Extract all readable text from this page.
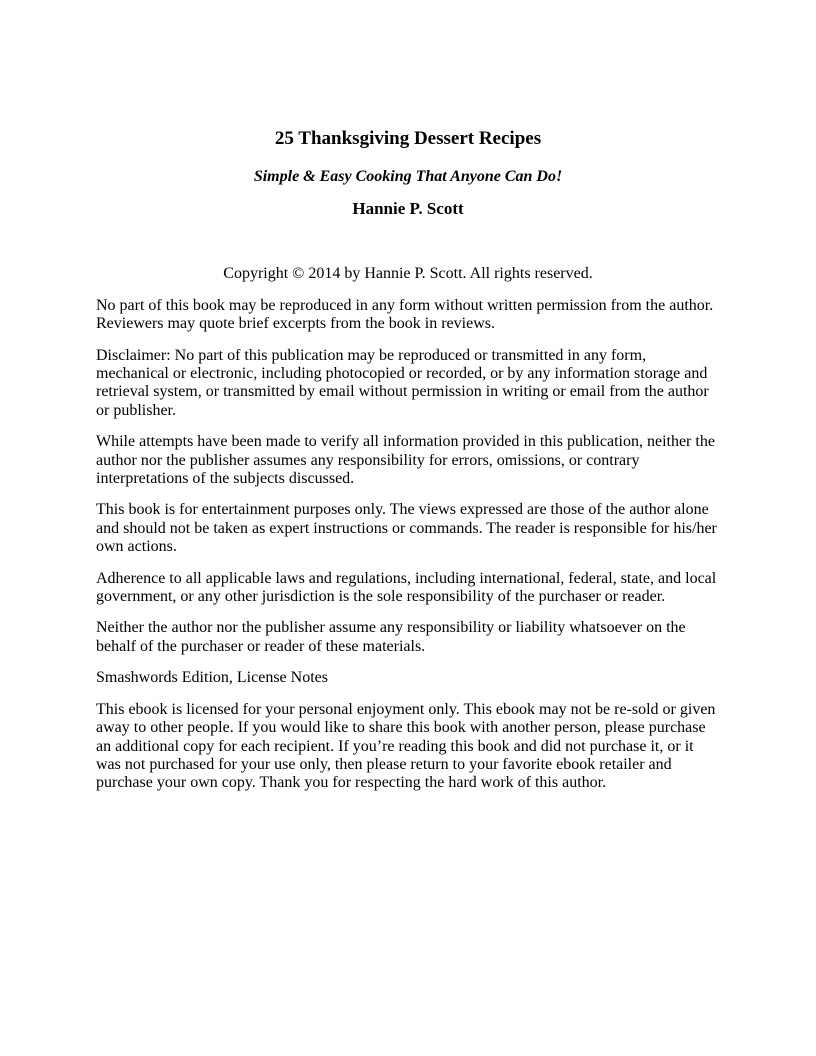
25 Thanksgiving Dessert Recipes
Simple & Easy Cooking That Anyone Can Do!
Hannie P. Scott

Copyright © 2014 by Hannie P. Scott. All rights reserved.

No part of this book may be reproduced in any form without written permission from the author. Reviewers may quote brief excerpts from the book in reviews.

Disclaimer: No part of this publication may be reproduced or transmitted in any form, mechanical or electronic, including photocopied or recorded, or by any information storage and retrieval system, or transmitted by email without permission in writing or email from the author or publisher.

While attempts have been made to verify all information provided in this publication, neither the author nor the publisher assumes any responsibility for errors, omissions, or contrary interpretations of the subjects discussed.

This book is for entertainment purposes only. The views expressed are those of the author alone and should not be taken as expert instructions or commands. The reader is responsible for his/her own actions.

Adherence to all applicable laws and regulations, including international, federal, state, and local government, or any other jurisdiction is the sole responsibility of the purchaser or reader.

Neither the author nor the publisher assume any responsibility or liability whatsoever on the behalf of the purchaser or reader of these materials.

Smashwords Edition, License Notes

This ebook is licensed for your personal enjoyment only. This ebook may not be re-sold or given away to other people. If you would like to share this book with another person, please purchase an additional copy for each recipient. If you’re reading this book and did not purchase it, or it was not purchased for your use only, then please return to your favorite ebook retailer and purchase your own copy. Thank you for respecting the hard work of this author.
